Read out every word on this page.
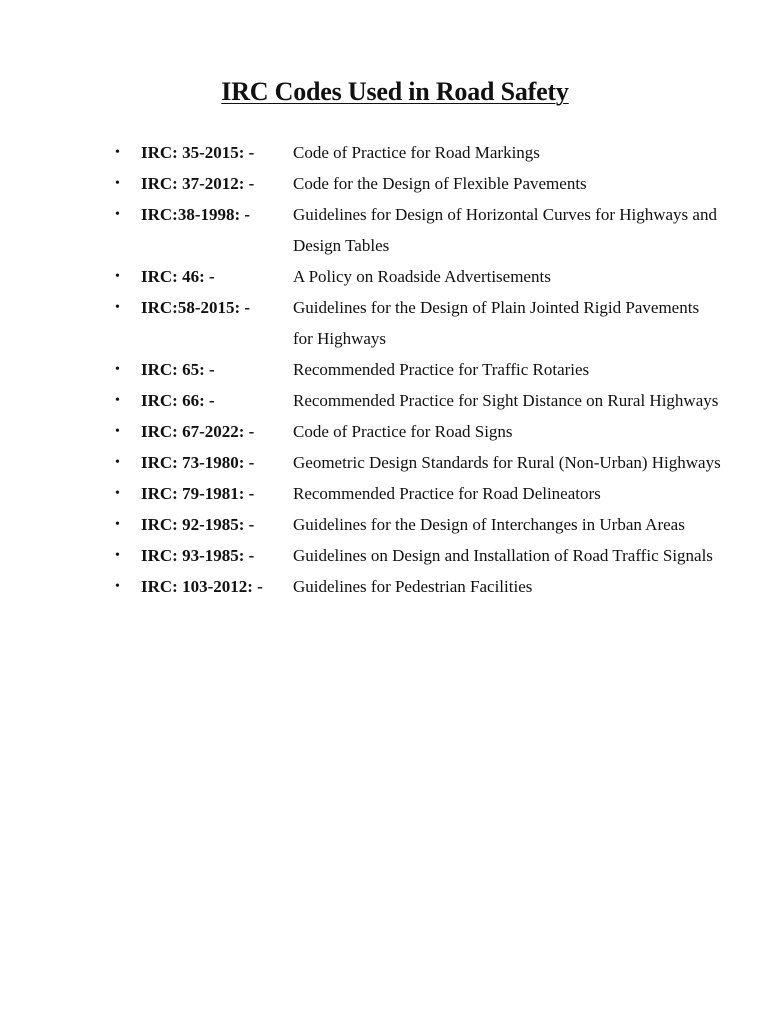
IRC Codes Used in Road Safety
• IRC: 35-2015: - Code of Practice for Road Markings
• IRC: 37-2012: - Code for the Design of Flexible Pavements
• IRC:38-1998: -	Guidelines for Design of Horizontal Curves for Highways and Design Tables
• IRC: 46: -	A Policy on Roadside Advertisements
• IRC:58-2015: -	Guidelines for the Design of Plain Jointed Rigid Pavements for Highways
• IRC: 65: -	Recommended Practice for Traffic Rotaries
• IRC: 66: -	Recommended Practice for Sight Distance on Rural Highways
• IRC: 67-2022: - Code of Practice for Road Signs
• IRC: 73-1980: - Geometric Design Standards for Rural (Non-Urban) Highways
• IRC: 79-1981: - Recommended Practice for Road Delineators
• IRC: 92-1985: - Guidelines for the Design of Interchanges in Urban Areas
• IRC: 93-1985: - Guidelines on Design and Installation of Road Traffic Signals
• IRC: 103-2012: - Guidelines for Pedestrian Facilities
